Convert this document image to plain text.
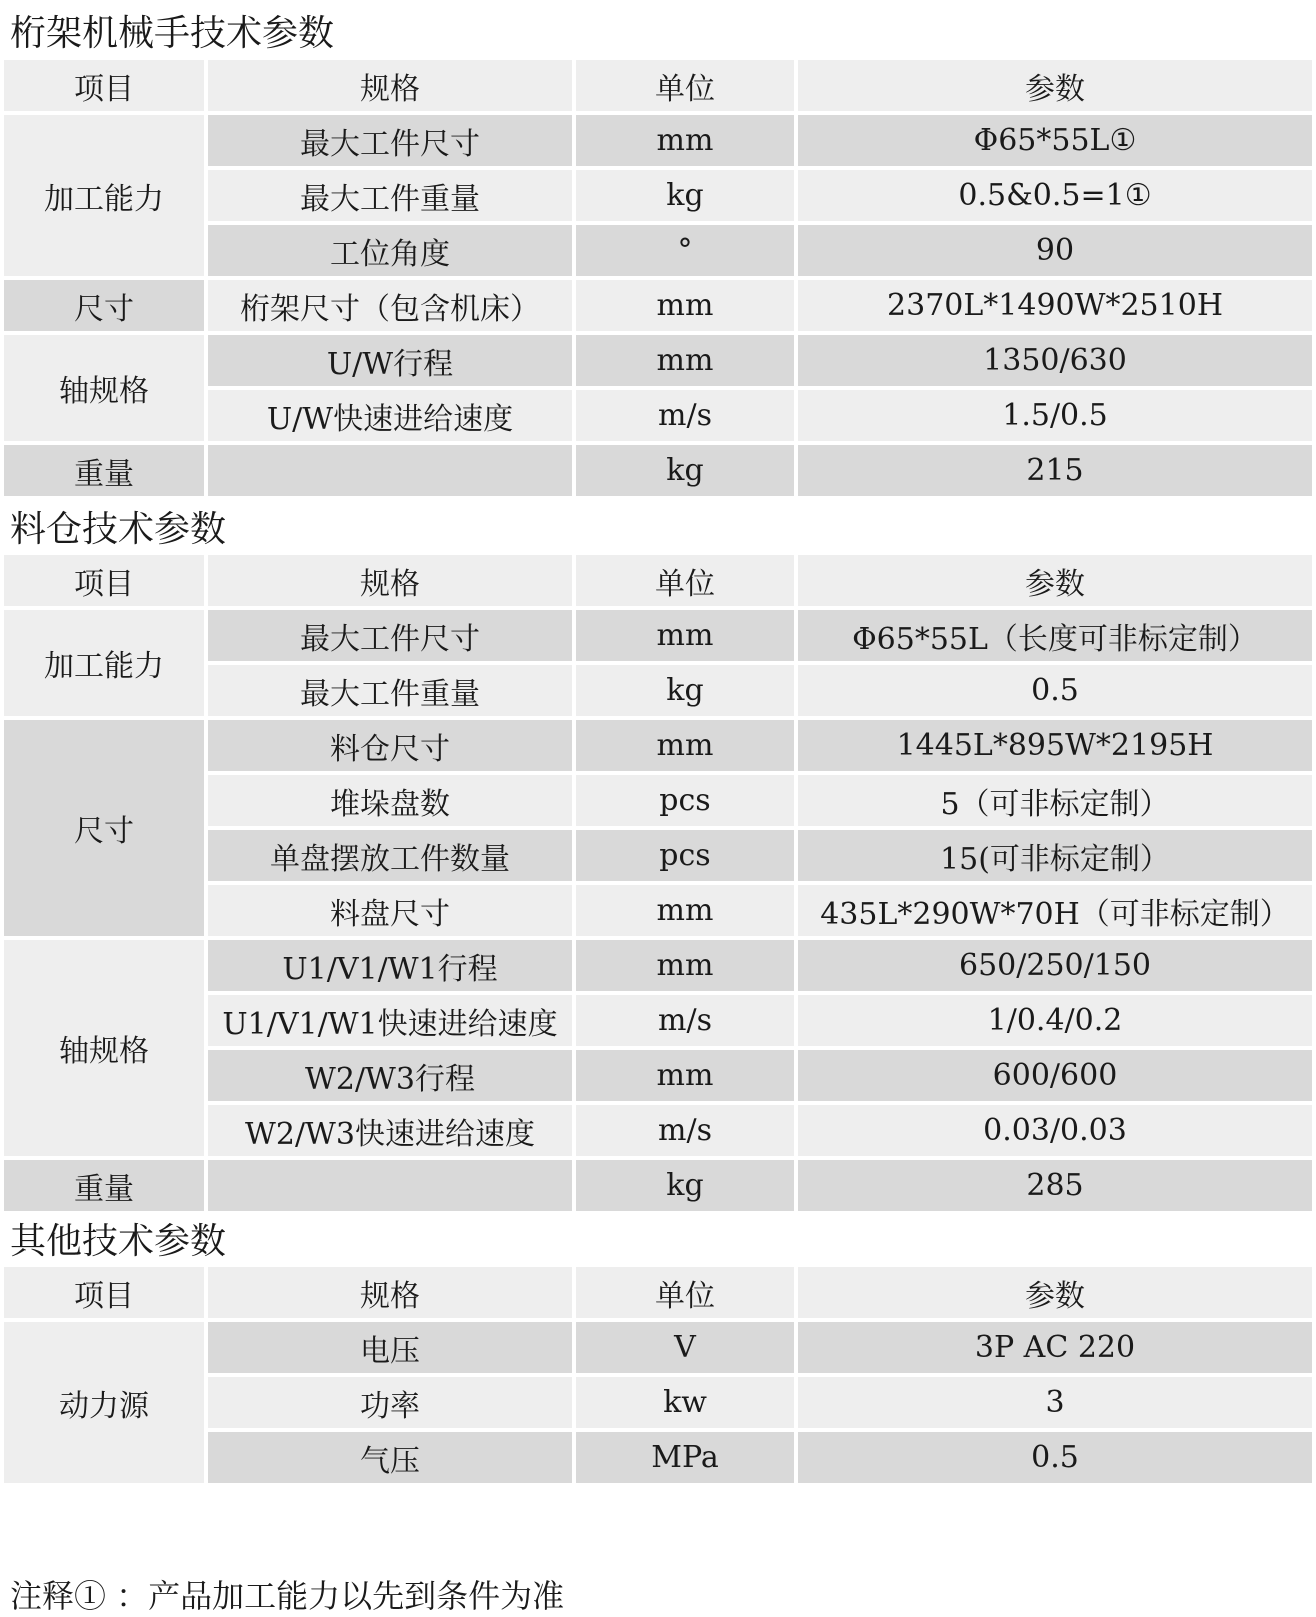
桁架机械手技术参数
项目	规格	单位	参数
加工能力	最大工件尺寸	mm	Φ65*55L①
	最大工件重量	kg	0.5&0.5=1①
	工位角度	°	90
尺寸	桁架尺寸（包含机床）	mm	2370L*1490W*2510H
轴规格	U/W行程	mm	1350/630
	U/W快速进给速度	m/s	1.5/0.5
重量		kg	215
料仓技术参数
项目	规格	单位	参数
加工能力	最大工件尺寸	mm	Φ65*55L（长度可非标定制）
	最大工件重量	kg	0.5
尺寸	料仓尺寸	mm	1445L*895W*2195H
	堆垛盘数	pcs	5（可非标定制）
	单盘摆放工件数量	pcs	15(可非标定制）
	料盘尺寸	mm	435L*290W*70H（可非标定制）
轴规格	U1/V1/W1行程	mm	650/250/150
	U1/V1/W1快速进给速度	m/s	1/0.4/0.2
	W2/W3行程	mm	600/600
	W2/W3快速进给速度	m/s	0.03/0.03
重量		kg	285
其他技术参数
项目	规格	单位	参数
动力源	电压	V	3P AC 220
	功率	kw	3
	气压	MPa	0.5
注释① ：产品加工能力以先到条件为准
